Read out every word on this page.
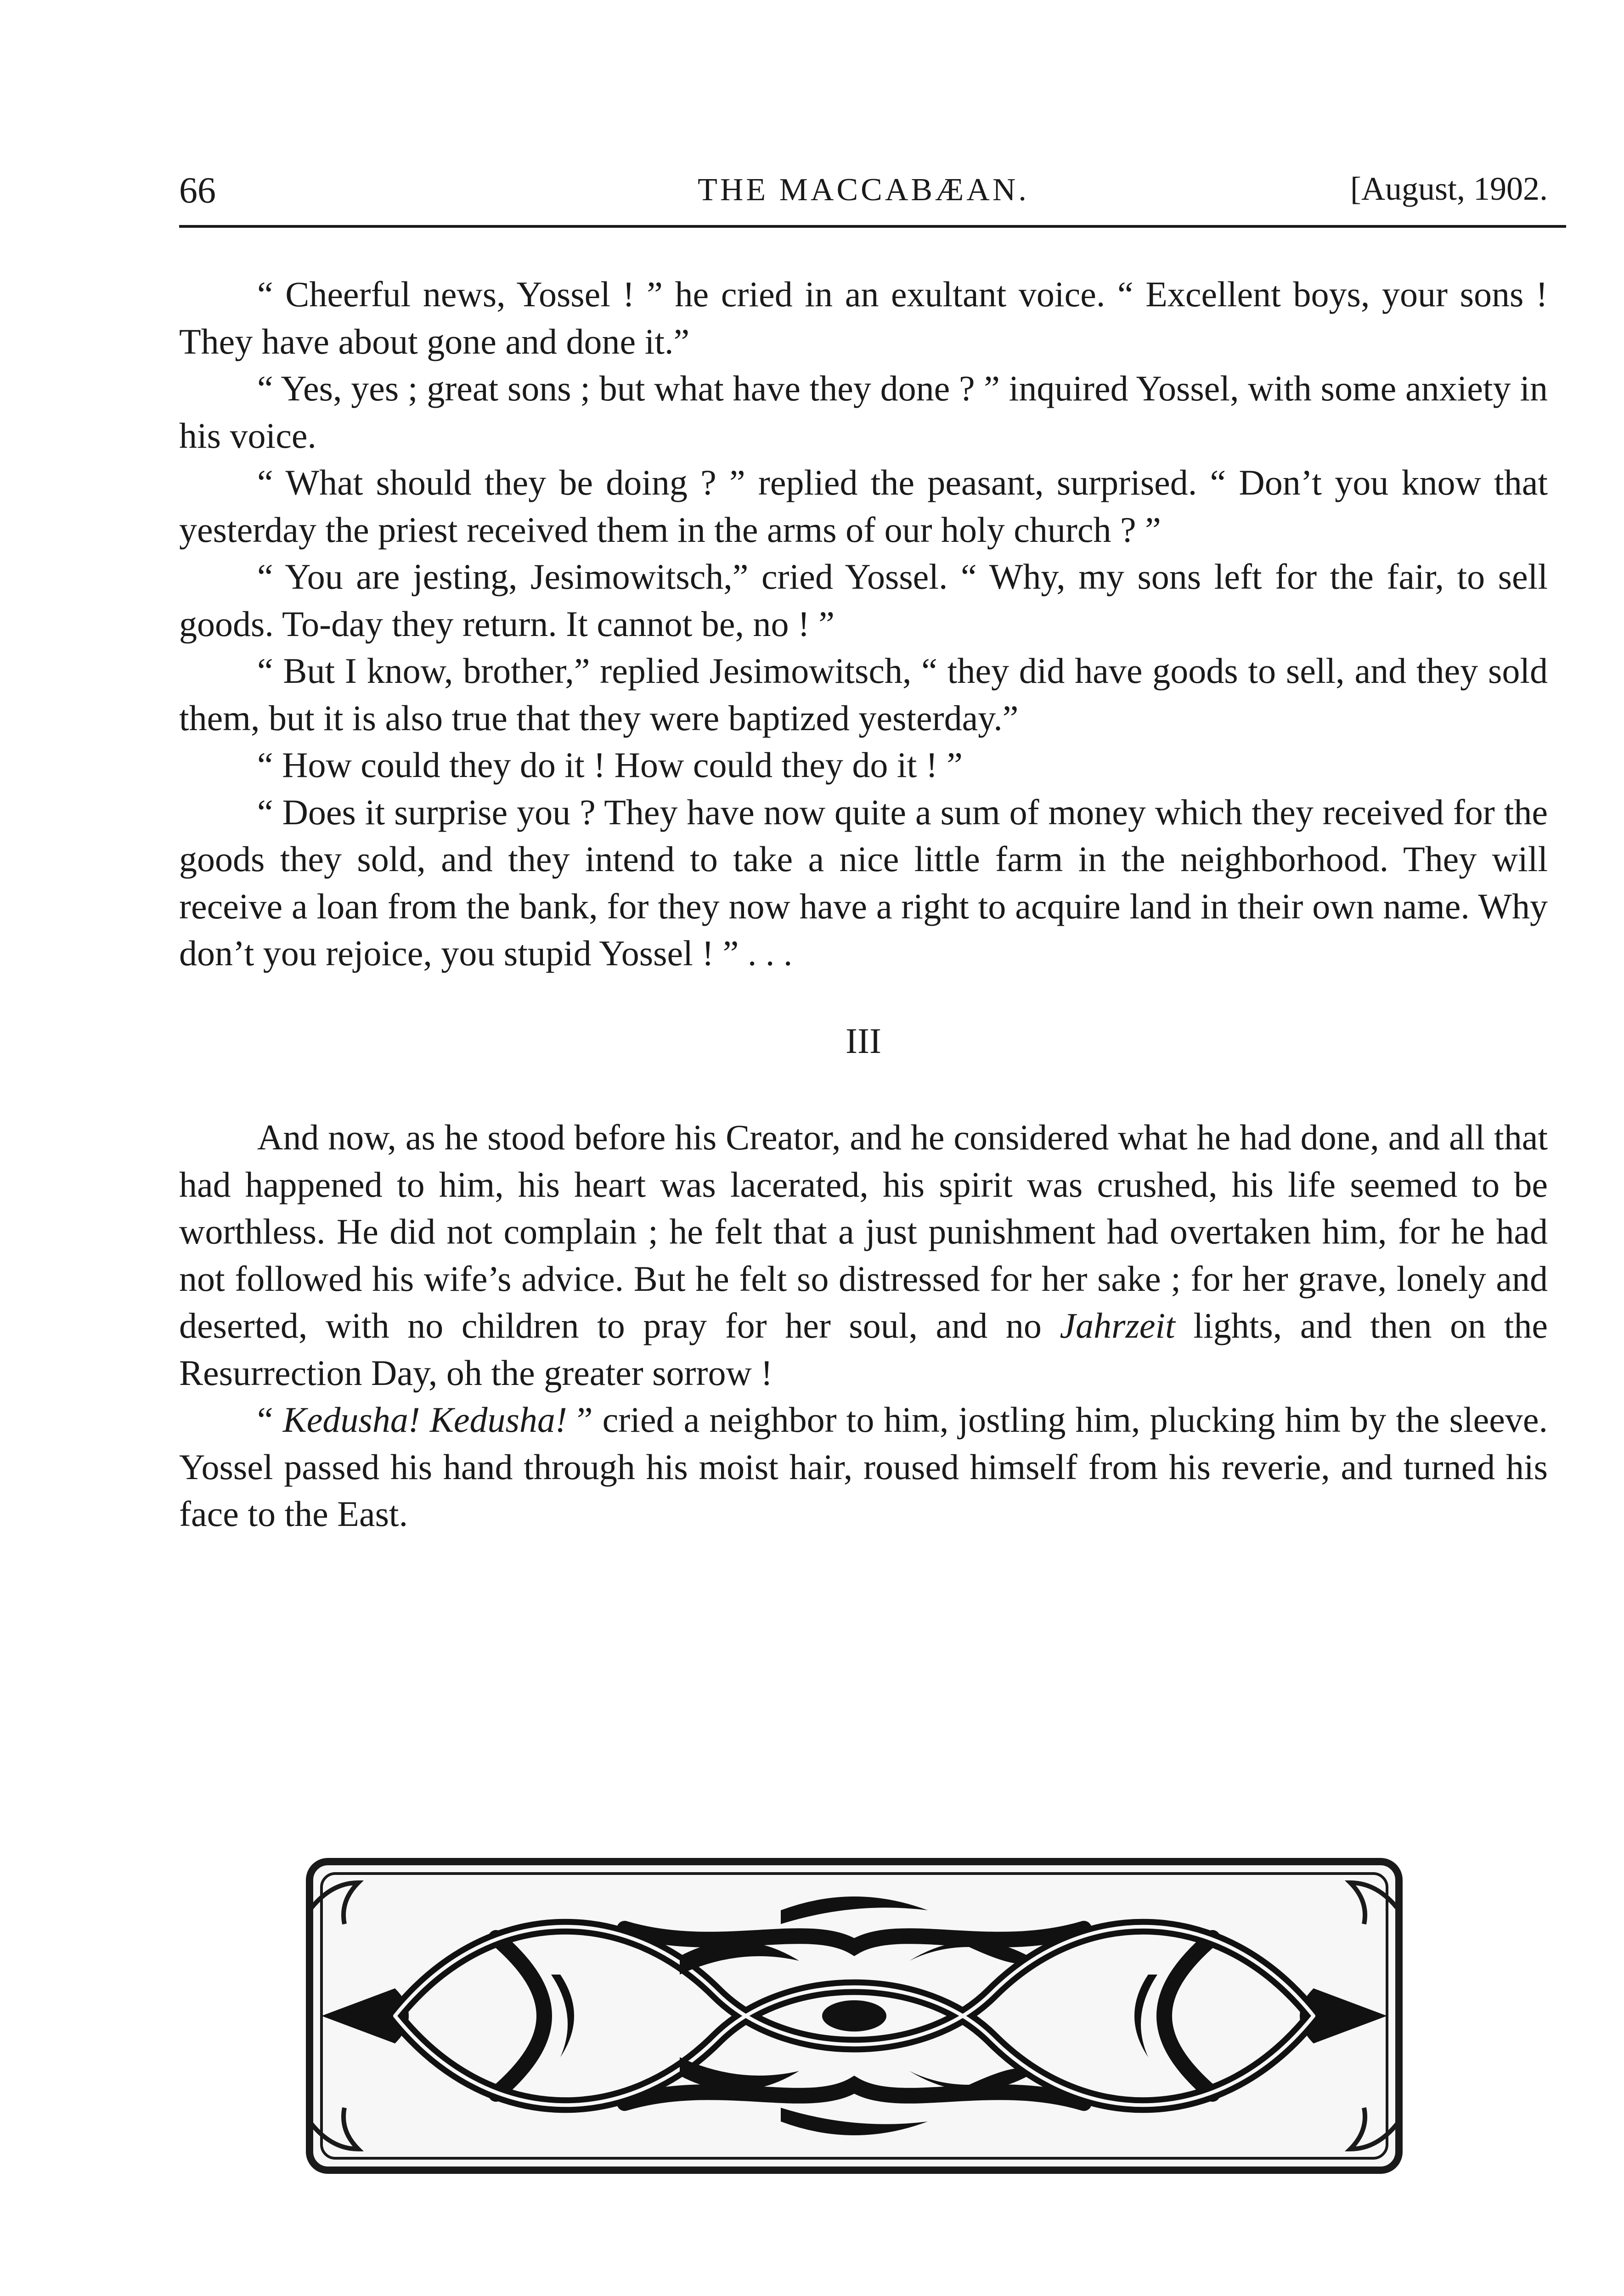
66	THE MACCABÆAN.	[August, 1902.

“ Cheerful news, Yossel ! ” he cried in an exultant voice. “ Excellent boys, your sons ! They have about gone and done it.”

“ Yes, yes ; great sons ; but what have they done ? ” inquired Yossel, with some anxiety in his voice.

“ What should they be doing ? ” replied the peasant, surprised. “ Don’t you know that yesterday the priest received them in the arms of our holy church ? ”

“ You are jesting, Jesimowitsch,” cried Yossel. “ Why, my sons left for the fair, to sell goods. To-day they return. It cannot be, no ! ”

“ But I know, brother,” replied Jesimowitsch, “ they did have goods to sell, and they sold them, but it is also true that they were baptized yesterday.”

“ How could they do it ! How could they do it ! ”

“ Does it surprise you ? They have now quite a sum of money which they received for the goods they sold, and they intend to take a nice little farm in the neighborhood. They will receive a loan from the bank, for they now have a right to acquire land in their own name. Why don’t you rejoice, you stupid Yossel ! ” . . .

III

And now, as he stood before his Creator, and he considered what he had done, and all that had happened to him, his heart was lacerated, his spirit was crushed, his life seemed to be worthless. He did not complain ; he felt that a just punishment had overtaken him, for he had not followed his wife’s advice. But he felt so distressed for her sake ; for her grave, lonely and deserted, with no children to pray for her soul, and no Jahrzeit lights, and then on the Resurrection Day, oh the greater sorrow !

“ Kedusha! Kedusha! ” cried a neighbor to him, jostling him, plucking him by the sleeve. Yossel passed his hand through his moist hair, roused himself from his reverie, and turned his face to the East.
